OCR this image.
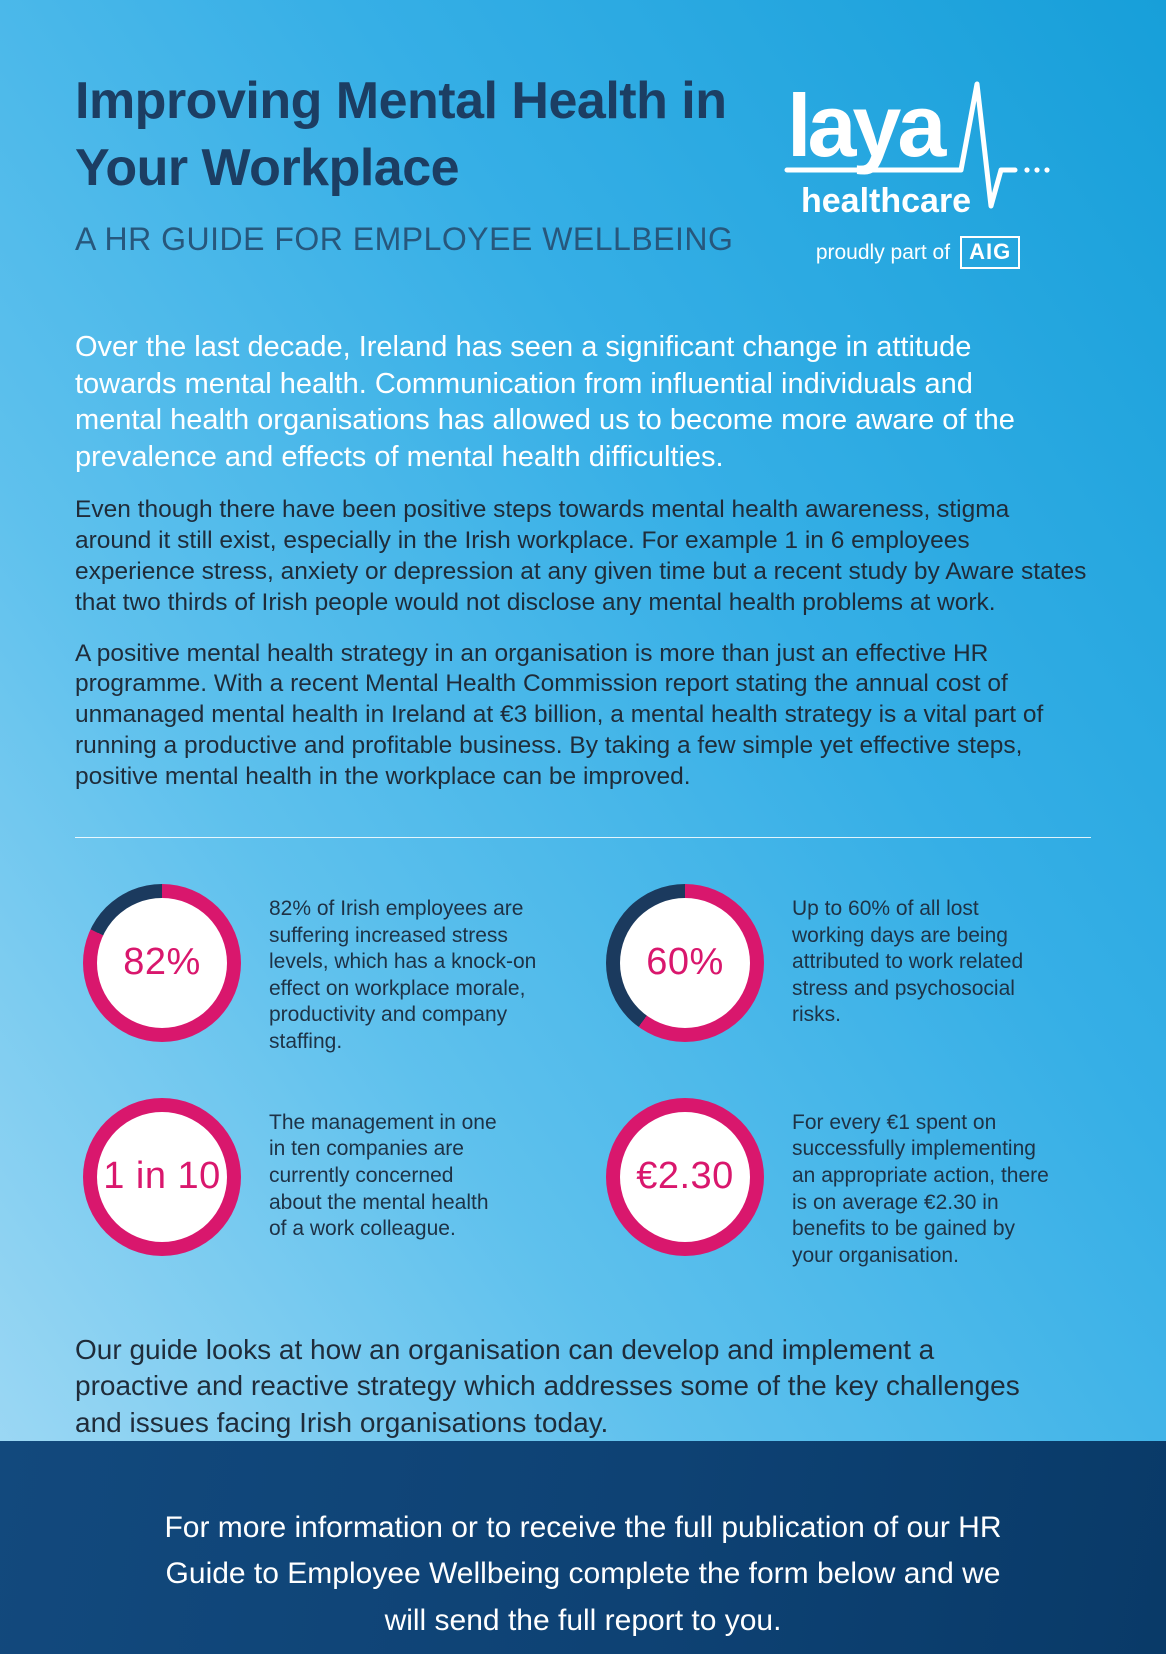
Improving Mental Health in Your Workplace
A HR GUIDE FOR EMPLOYEE WELLBEING
laya
healthcare
proudly part of AIG

Over the last decade, Ireland has seen a significant change in attitude towards mental health. Communication from influential individuals and mental health organisations has allowed us to become more aware of the prevalence and effects of mental health difficulties.

Even though there have been positive steps towards mental health awareness, stigma around it still exist, especially in the Irish workplace. For example 1 in 6 employees experience stress, anxiety or depression at any given time but a recent study by Aware states that two thirds of Irish people would not disclose any mental health problems at work.

A positive mental health strategy in an organisation is more than just an effective HR programme. With a recent Mental Health Commission report stating the annual cost of unmanaged mental health in Ireland at €3 billion, a mental health strategy is a vital part of running a productive and profitable business. By taking a few simple yet effective steps, positive mental health in the workplace can be improved.

82%
82% of Irish employees are suffering increased stress levels, which has a knock-on effect on workplace morale, productivity and company staffing.
60%
Up to 60% of all lost working days are being attributed to work related stress and psychosocial risks.
1 in 10
The management in one in ten companies are currently concerned about the mental health of a work colleague.
€2.30
For every €1 spent on successfully implementing an appropriate action, there is on average €2.30 in benefits to be gained by your organisation.

Our guide looks at how an organisation can develop and implement a proactive and reactive strategy which addresses some of the key challenges and issues facing Irish organisations today.

For more information or to receive the full publication of our HR Guide to Employee Wellbeing complete the form below and we will send the full report to you.
